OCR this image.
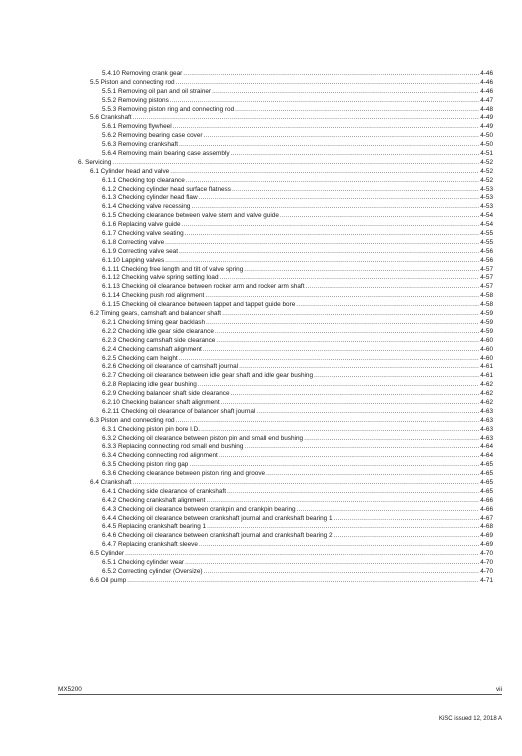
5.4.10 Removing crank gear .....	4-46
5.5 Piston and connecting rod .....	4-46
5.5.1 Removing oil pan and oil strainer .....	4-46
5.5.2 Removing pistons .....	4-47
5.5.3 Removing piston ring and connecting rod .....	4-48
5.6 Crankshaft .....	4-49
5.6.1 Removing flywheel .....	4-49
5.6.2 Removing bearing case cover .....	4-50
5.6.3 Removing crankshaft .....	4-50
5.6.4 Removing main bearing case assembly .....	4-51
6. Servicing .....	4-52
6.1 Cylinder head and valve .....	4-52
6.1.1 Checking top clearance .....	4-52
6.1.2 Checking cylinder head surface flatness .....	4-53
6.1.3 Checking cylinder head flaw .....	4-53
6.1.4 Checking valve recessing .....	4-53
6.1.5 Checking clearance between valve stem and valve guide .....	4-54
6.1.6 Replacing valve guide .....	4-54
6.1.7 Checking valve seating .....	4-55
6.1.8 Correcting valve .....	4-55
6.1.9 Correcting valve seat .....	4-56
6.1.10 Lapping valves .....	4-56
6.1.11 Checking free length and tilt of valve spring .....	4-57
6.1.12 Checking valve spring setting load .....	4-57
6.1.13 Checking oil clearance between rocker arm and rocker arm shaft .....	4-57
6.1.14 Checking push rod alignment .....	4-58
6.1.15 Checking oil clearance between tappet and tappet guide bore .....	4-58
6.2 Timing gears, camshaft and balancer shaft .....	4-59
6.2.1 Checking timing gear backlash .....	4-59
6.2.2 Checking idle gear side clearance .....	4-59
6.2.3 Checking camshaft side clearance .....	4-60
6.2.4 Checking camshaft alignment .....	4-60
6.2.5 Checking cam height .....	4-60
6.2.6 Checking oil clearance of camshaft journal .....	4-61
6.2.7 Checking oil clearance between idle gear shaft and idle gear bushing .....	4-61
6.2.8 Replacing idle gear bushing .....	4-62
6.2.9 Checking balancer shaft side clearance .....	4-62
6.2.10 Checking balancer shaft alignment .....	4-62
6.2.11 Checking oil clearance of balancer shaft journal .....	4-63
6.3 Piston and connecting rod .....	4-63
6.3.1 Checking piston pin bore I.D. .....	4-63
6.3.2 Checking oil clearance between piston pin and small end bushing .....	4-63
6.3.3 Replacing connecting rod small end bushing .....	4-64
6.3.4 Checking connecting rod alignment .....	4-64
6.3.5 Checking piston ring gap .....	4-65
6.3.6 Checking clearance between piston ring and groove .....	4-65
6.4 Crankshaft .....	4-65
6.4.1 Checking side clearance of crankshaft .....	4-65
6.4.2 Checking crankshaft alignment .....	4-66
6.4.3 Checking oil clearance between crankpin and crankpin bearing .....	4-66
6.4.4 Checking oil clearance between crankshaft journal and crankshaft bearing 1 .....	4-67
6.4.5 Replacing crankshaft bearing 1 .....	4-68
6.4.6 Checking oil clearance between crankshaft journal and crankshaft bearing 2 .....	4-69
6.4.7 Replacing crankshaft sleeve .....	4-69
6.5 Cylinder .....	4-70
6.5.1 Checking cylinder wear .....	4-70
6.5.2 Correcting cylinder (Oversize) .....	4-70
6.6 Oil pump .....	4-71
MX5200	vii
KiSC issued 12, 2018 A
